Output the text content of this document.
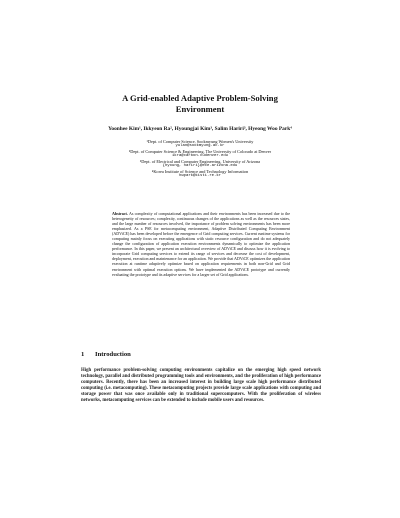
A Grid-enabled Adaptive Problem-Solving
Environment
Yoonhee Kim¹, Ikkyeon Ra², Hyoungjai Kim³, Salim Hariri³, Hyeong Woo Park⁴
¹Dept. of Computer Science, Sookmyung Women's University
yulan@sookmyung.ac.kr
²Dept. of Computer Science & Engineering, The University of Colorado at Denver
ikra@carbon.cudenver.edu
³Dept. of Electrical and Computer Engineering, University of Arizona
{hyoung, hariri}@ece.arizona.edu
⁴Korea Institute of Science and Technology Information
hwpark@kisti.re.kr
Abstract. As complexity of computational applications and their environments has been increased due to the heterogeneity of resources; complexity, continuous changes of the applications as well as the resources states, and the large number of resources involved, the importance of problem solving environments has been more emphasized. As a PSE for metacomputing environment, Adaptive Distributed Computing Environment (ADViCE) has been developed before the emergence of Grid computing services. Current runtime systems for computing mainly focus on executing applications with static resource configuration and do not adequately change the configuration of application execution environments dynamically to optimize the application performance. In this paper, we present an architectural overview of ADViCE and discuss how it is evolving to incorporate Grid computing services to extend its range of services and decrease the cost of development, deployment, execution and maintenance for an application. We provide that ADViCE optimizes the application execution at runtime adaptively optimize based on application requirements in both non-Grid and Grid environment with optimal execution options. We have implemented the ADViCE prototype and currently evaluating the prototype and its adaptive services for a larger set of Grid applications.
1 Introduction
High performance problem-solving computing environments capitalize on the emerging high speed network technology, parallel and distributed programming tools and environments, and the proliferation of high performance computers. Recently, there has been an increased interest in building large scale high performance distributed computing (i.e. metacomputing). These metacomputing projects provide large scale applications with computing and storage power that was once available only in traditional supercomputers. With the proliferation of wireless networks, metacomputing services can be extended to include mobile users and resources.
